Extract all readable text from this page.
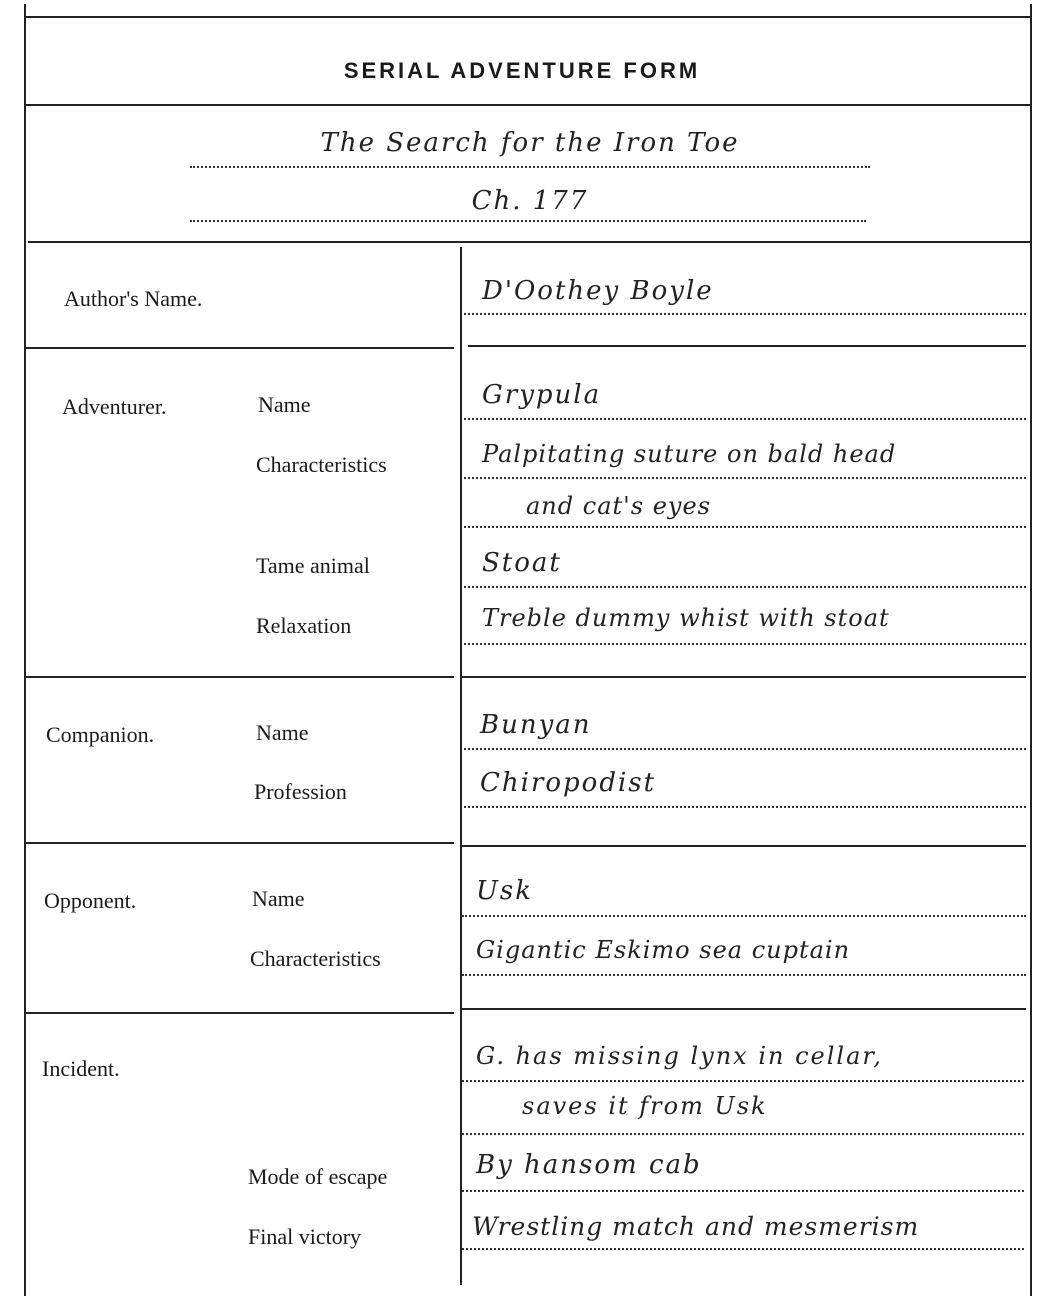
SERIAL ADVENTURE FORM
The Search for the Iron Toe
Ch. 177
Author's Name.	D'Oothey Boyle
Adventurer.	Name	Grypula
Characteristics	Palpitating suture on bald head
and cat's eyes
Tame animal	Stoat
Relaxation	Treble dummy whist with stoat
Companion.	Name	Bunyan
Profession	Chiropodist
Opponent.	Name	Usk
Characteristics	Gigantic Eskimo sea cuptain
Incident.	G. has missing lynx in cellar,
saves it from Usk
Mode of escape	By hansom cab
Final victory	Wrestling match and mesmerism
